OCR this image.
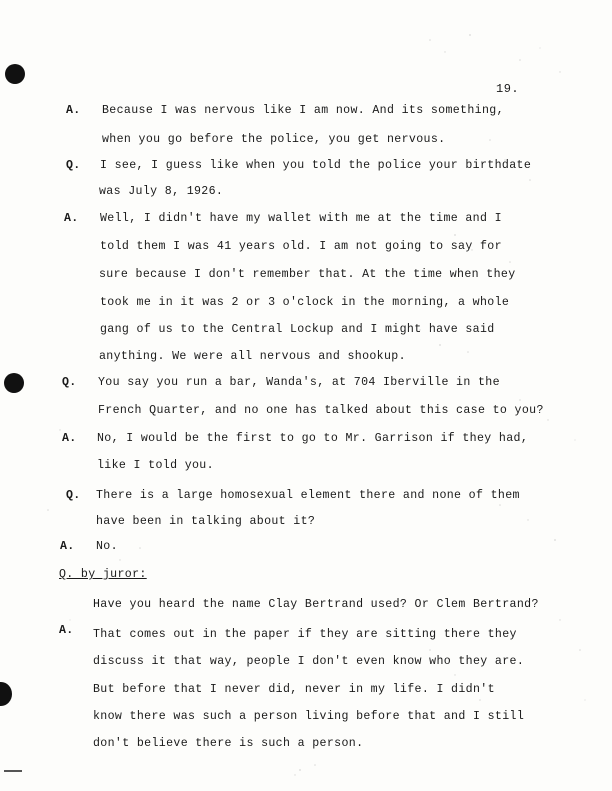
19.
A. Because I was nervous like I am now. And its something,
when you go before the police, you get nervous.
Q. I see, I guess like when you told the police your birthdate
was July 8, 1926.
A. Well, I didn't have my wallet with me at the time and I
told them I was 41 years old. I am not going to say for
sure because I don't remember that. At the time when they
took me in it was 2 or 3 o'clock in the morning, a whole
gang of us to the Central Lockup and I might have said
anything. We were all nervous and shookup.
Q. You say you run a bar, Wanda's, at 704 Iberville in the
French Quarter, and no one has talked about this case to you?
A. No, I would be the first to go to Mr. Garrison if they had,
like I told you.
Q. There is a large homosexual element there and none of them
have been in talking about it?
A. No.
Q. by juror:
Have you heard the name Clay Bertrand used? Or Clem Bertrand?
A. That comes out in the paper if they are sitting there they
discuss it that way, people I don't even know who they are.
But before that I never did, never in my life. I didn't
know there was such a person living before that and I still
don't believe there is such a person.
